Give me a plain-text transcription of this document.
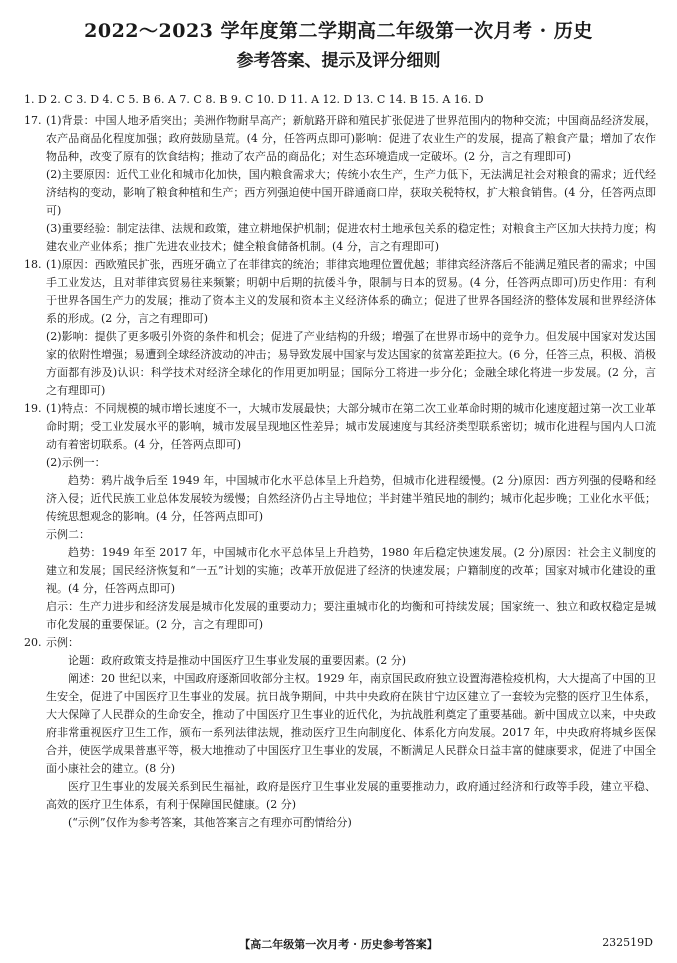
2022～2023 学年度第二学期高二年级第一次月考 · 历史
参考答案、提示及评分细则
1. D 2. C 3. D 4. C 5. B 6. A 7. C 8. B 9. C 10. D 11. A 12. D 13. C 14. B 15. A 16. D
17. (1)背景：中国人地矛盾突出；美洲作物耐旱高产；新航路开辟和殖民扩张促进了世界范围内的物种交流；中国商品经济发展，农产品商品化程度加强；政府鼓励垦荒。(4 分，任答两点即可)影响：促进了农业生产的发展，提高了粮食产量；增加了农作物品种，改变了原有的饮食结构；推动了农产品的商品化；对生态环境造成一定破坏。(2 分，言之有理即可)

(2)主要原因：近代工业化和城市化加快，国内粮食需求大；传统小农生产，生产力低下，无法满足社会对粮食的需求；近代经济结构的变动，影响了粮食种植和生产；西方列强迫使中国开辟通商口岸，获取关税特权，扩大粮食销售。(4 分，任答两点即可)

(3)重要经验：制定法律、法规和政策，建立耕地保护机制；促进农村土地承包关系的稳定性；对粮食主产区加大扶持力度；构建农业产业体系；推广先进农业技术；健全粮食储备机制。(4 分，言之有理即可)

18. (1)原因：西欧殖民扩张，西班牙确立了在菲律宾的统治；菲律宾地理位置优越；菲律宾经济落后不能满足殖民者的需求；中国手工业发达，且对菲律宾贸易往来频繁；明朝中后期的抗倭斗争，限制与日本的贸易。(4 分，任答两点即可)历史作用：有利于世界各国生产力的发展；推动了资本主义的发展和资本主义经济体系的确立；促进了世界各国经济的整体发展和世界经济体系的形成。(2 分，言之有理即可)

(2)影响：提供了更多吸引外资的条件和机会；促进了产业结构的升级；增强了在世界市场中的竞争力。但发展中国家对发达国家的依附性增强；易遭到全球经济波动的冲击；易导致发展中国家与发达国家的贫富差距拉大。(6 分，任答三点，积极、消极方面都有涉及)认识：科学技术对经济全球化的作用更加明显；国际分工将进一步分化；金融全球化将进一步发展。(2 分，言之有理即可)

19. (1)特点：不同规模的城市增长速度不一，大城市发展最快；大部分城市在第二次工业革命时期的城市化速度超过第一次工业革命时期；受工业发展水平的影响，城市发展呈现地区性差异；城市发展速度与其经济类型联系密切；城市化进程与国内人口流动有着密切联系。(4 分，任答两点即可)

(2)示例一：

趋势：鸦片战争后至 1949 年，中国城市化水平总体呈上升趋势，但城市化进程缓慢。(2 分)原因：西方列强的侵略和经济入侵；近代民族工业总体发展较为缓慢；自然经济仍占主导地位；半封建半殖民地的制约；城市化起步晚；工业化水平低；传统思想观念的影响。(4 分，任答两点即可)

示例二：

趋势：1949 年至 2017 年，中国城市化水平总体呈上升趋势，1980 年后稳定快速发展。(2 分)原因：社会主义制度的建立和发展；国民经济恢复和“一五”计划的实施；改革开放促进了经济的快速发展；户籍制度的改革；国家对城市化建设的重视。(4 分，任答两点即可)

启示：生产力进步和经济发展是城市化发展的重要动力；要注重城市化的均衡和可持续发展；国家统一、独立和政权稳定是城市化发展的重要保证。(2 分，言之有理即可)

20. 示例：

论题：政府政策支持是推动中国医疗卫生事业发展的重要因素。(2 分)

阐述：20 世纪以来，中国政府逐渐回收部分主权。1929 年，南京国民政府独立设置海港检疫机构，大大提高了中国的卫生安全，促进了中国医疗卫生事业的发展。抗日战争期间，中共中央政府在陕甘宁边区建立了一套较为完整的医疗卫生体系，大大保障了人民群众的生命安全，推动了中国医疗卫生事业的近代化，为抗战胜利奠定了重要基础。新中国成立以来，中央政府非常重视医疗卫生工作，颁布一系列法律法规，推动医疗卫生向制度化、体系化方向发展。2017 年，中央政府将城乡医保合并，使医学成果普惠平等，极大地推动了中国医疗卫生事业的发展，不断满足人民群众日益丰富的健康要求，促进了中国全面小康社会的建立。(8 分)

医疗卫生事业的发展关系到民生福祉，政府是医疗卫生事业发展的重要推动力，政府通过经济和行政等手段，建立平稳、高效的医疗卫生体系，有利于保障国民健康。(2 分)

(“示例”仅作为参考答案，其他答案言之有理亦可酌情给分)

【高二年级第一次月考 · 历史参考答案】	232519D
